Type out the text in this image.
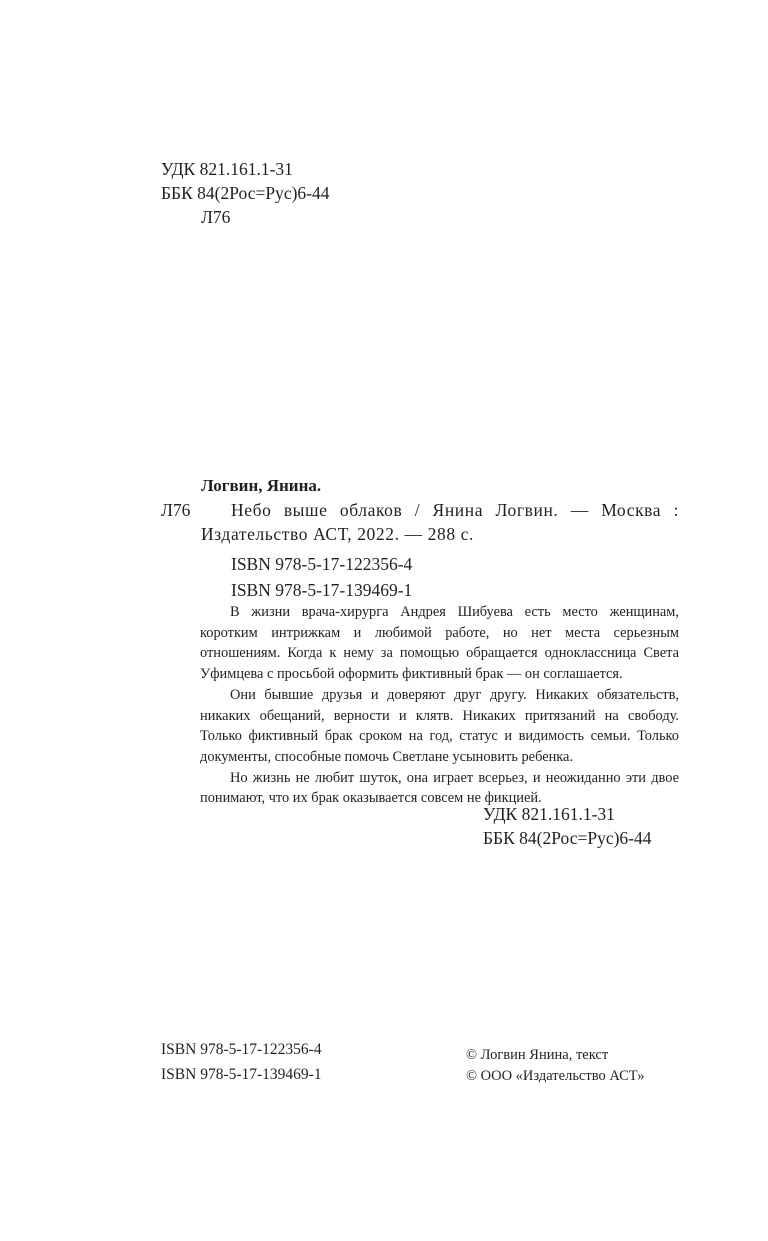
УДК 821.161.1-31
ББК 84(2Рос=Рус)6-44
Л76
Логвин, Янина.
Л76	Небо выше облаков / Янина Логвин. — Москва : Издательство АСТ, 2022. — 288 с.
ISBN 978-5-17-122356-4
ISBN 978-5-17-139469-1

В жизни врача-хирурга Андрея Шибуева есть место женщинам, коротким интрижкам и любимой работе, но нет места серьезным отношениям. Когда к нему за помощью обращается одноклассница Света Уфимцева с просьбой оформить фиктивный брак — он соглашается.

Они бывшие друзья и доверяют друг другу. Никаких обязательств, никаких обещаний, верности и клятв. Никаких притязаний на свободу. Только фиктивный брак сроком на год, статус и видимость семьи. Только документы, способные помочь Светлане усыновить ребенка.

Но жизнь не любит шуток, она играет всерьез, и неожиданно эти двое понимают, что их брак оказывается совсем не фикцией.

УДК 821.161.1-31
ББК 84(2Рос=Рус)6-44
ISBN 978-5-17-122356-4
ISBN 978-5-17-139469-1
© Логвин Янина, текст
© ООО «Издательство АСТ»
